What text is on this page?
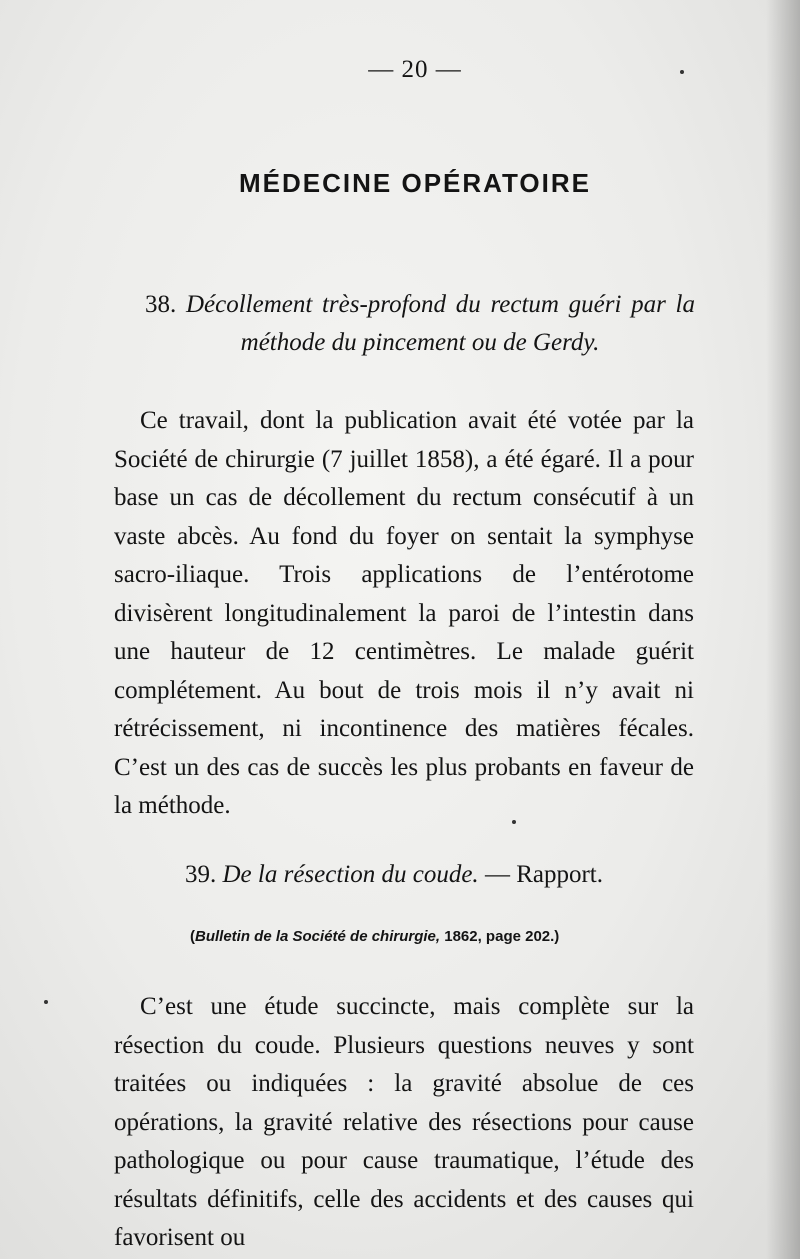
— 20 —
MÉDECINE OPÉRATOIRE
38. Décollement très-profond du rectum guéri par la méthode du pincement ou de Gerdy.
Ce travail, dont la publication avait été votée par la Société de chirurgie (7 juillet 1858), a été égaré. Il a pour base un cas de décollement du rectum consécutif à un vaste abcès. Au fond du foyer on sentait la symphyse sacro-iliaque. Trois applications de l’entérotome divisèrent longitudinalement la paroi de l’intestin dans une hauteur de 12 centimètres. Le malade guérit complétement. Au bout de trois mois il n’y avait ni rétrécissement, ni incontinence des matières fécales. C’est un des cas de succès les plus probants en faveur de la méthode.
39. De la résection du coude. — Rapport.
(Bulletin de la Société de chirurgie, 1862, page 202.)
C’est une étude succincte, mais complète sur la résection du coude. Plusieurs questions neuves y sont traitées ou indiquées : la gravité absolue de ces opérations, la gravité relative des résections pour cause pathologique ou pour cause traumatique, l’étude des résultats définitifs, celle des accidents et des causes qui favorisent ou
